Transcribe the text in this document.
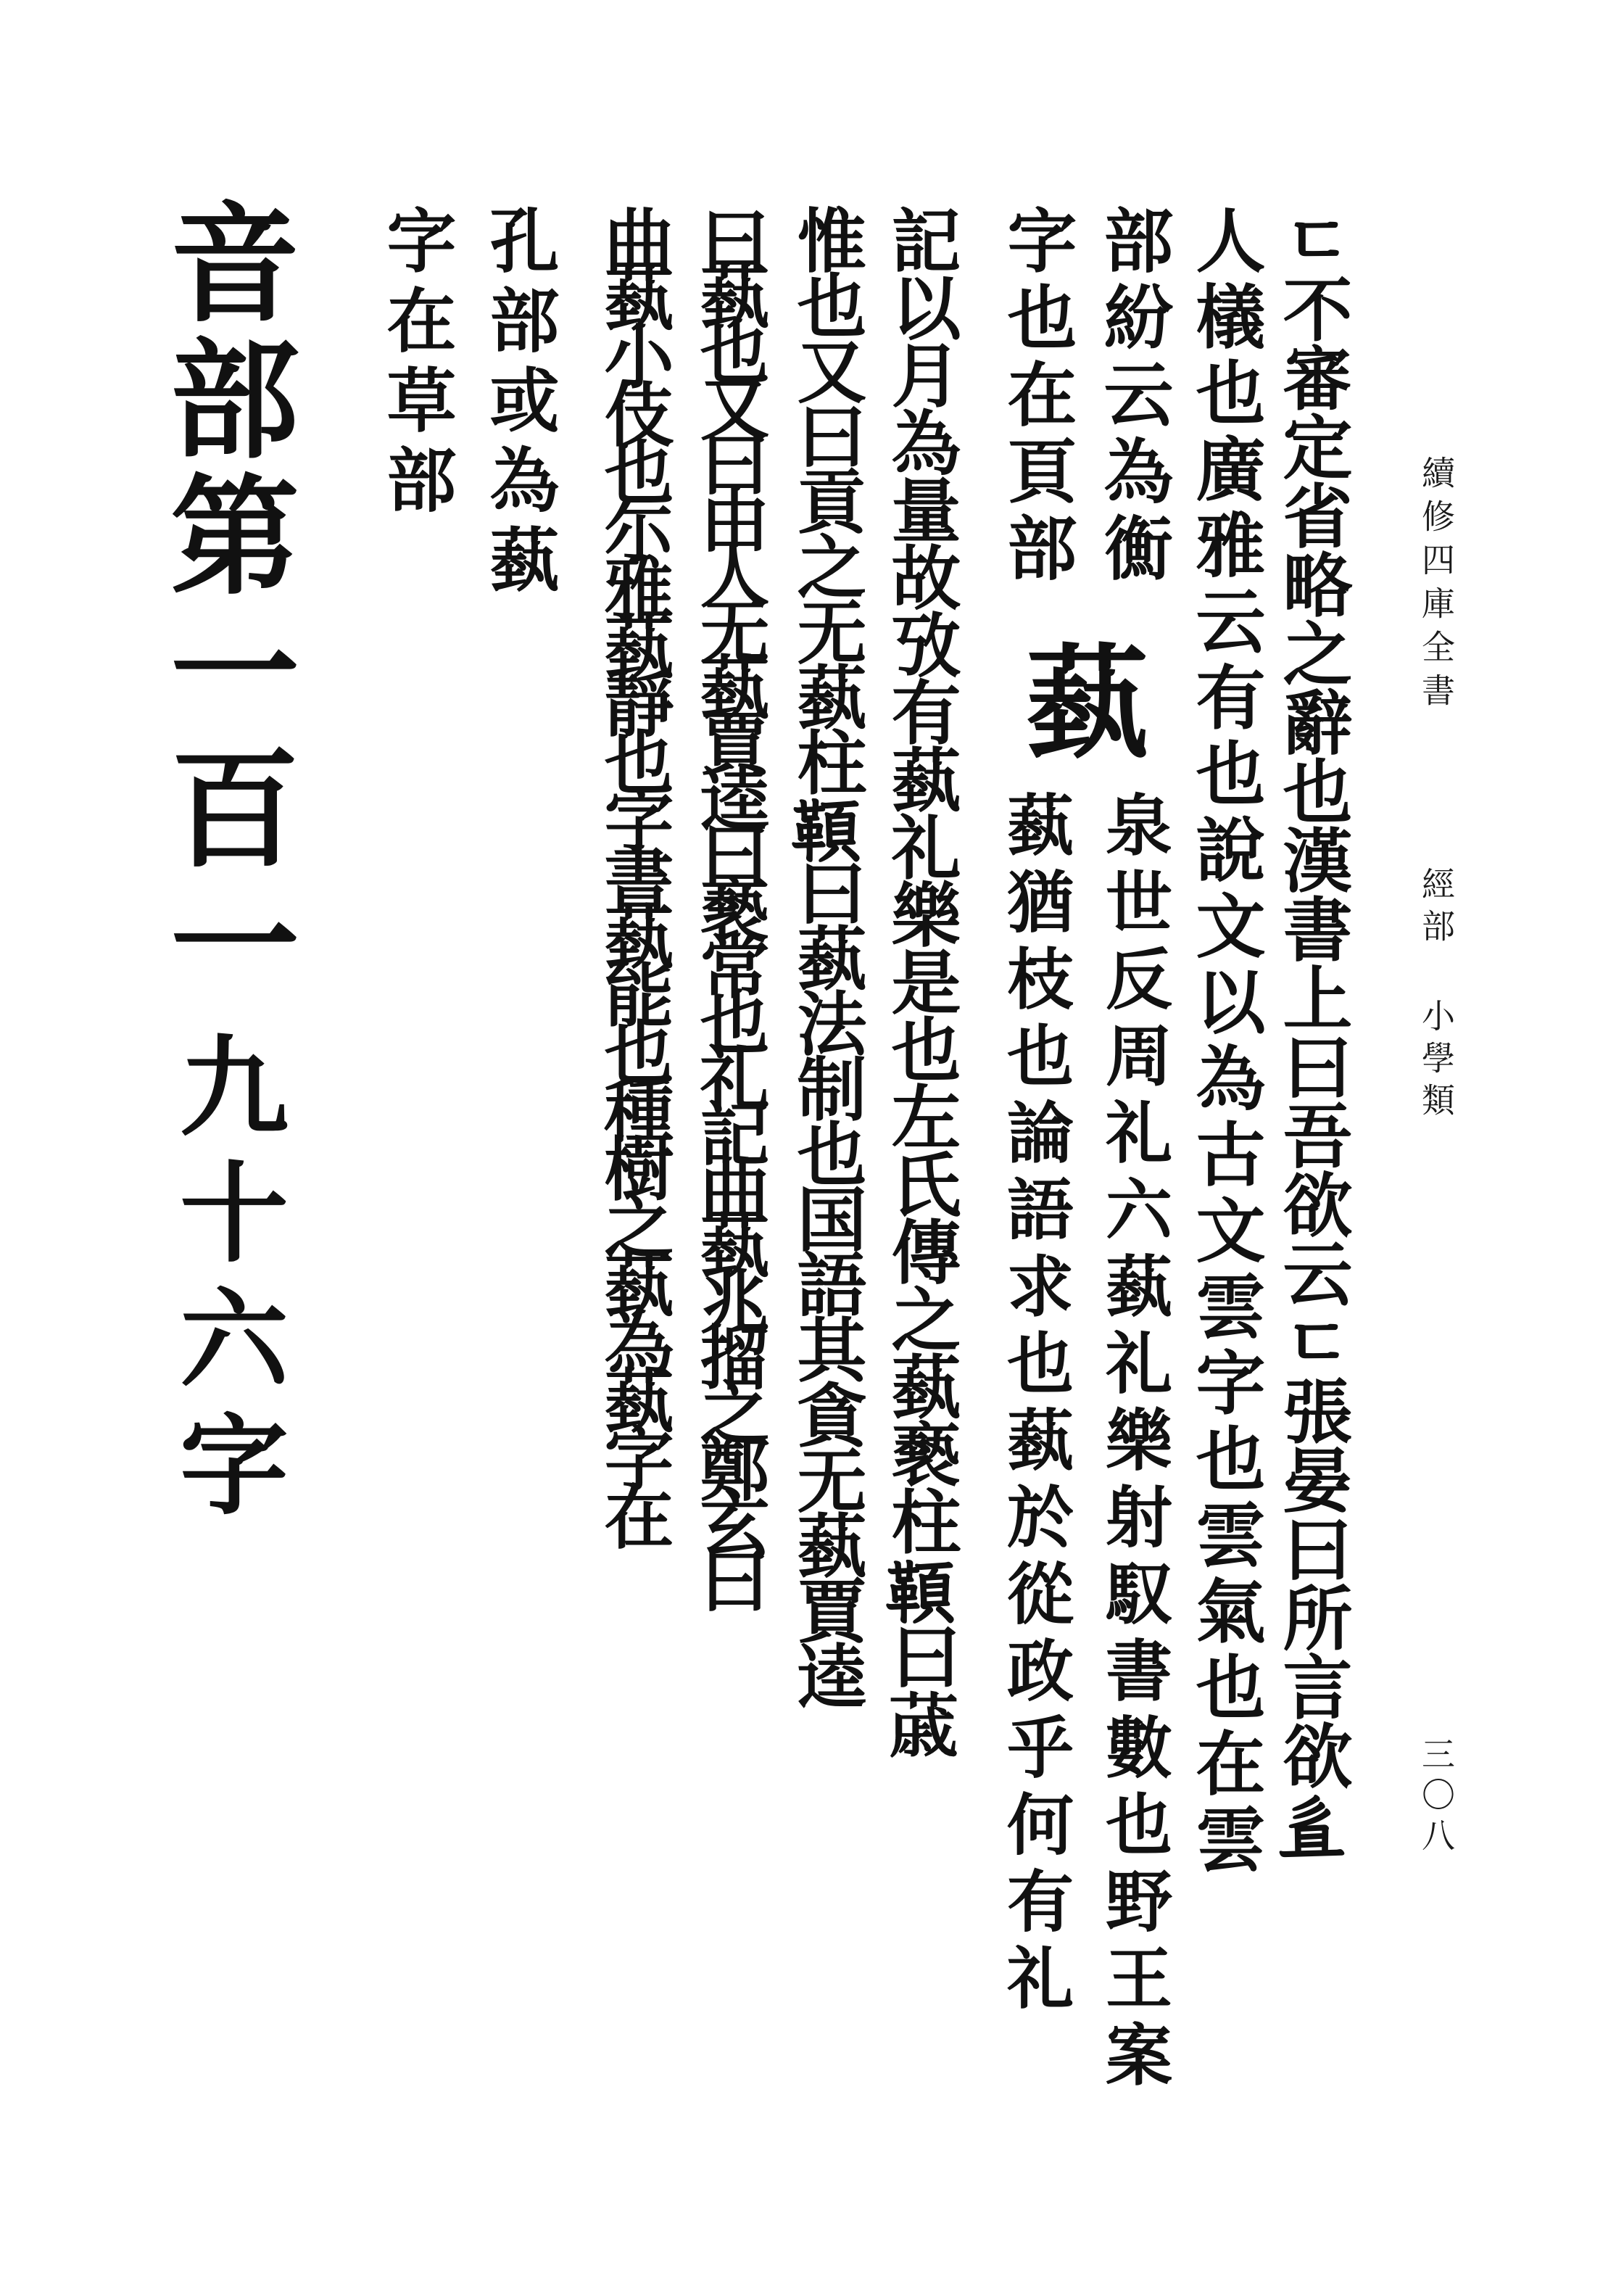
續修四庫全書
經部 小學類
三〇八
ㄷ不審定省略之辭也漢書上曰吾欲云ㄷ張晏曰所言欲𢒉
人檥也廣雅云有也說文以為古文雲字也雲氣也在雲
部紛云為𢖍
字也在頁部
蓺
泉世反周礼六蓺礼樂射馭書數也野王案
蓺猶枝也論語求也蓺於從政乎何有礼
記以月為量故攷有蓺礼樂是也左氏傳之蓺褻柱𩔈曰𦸗
惟也又曰貢之无蓺柱𩔈曰蓺法制也国語其貪无蓺賈逵
曰蓺也又曰由人无蓺賈逵曰褻常也礼記曲蓺兆㨨之鄭玄曰
曲蓺小伎也尓雅蓺靜也字書蓺能也種樹之蓺為蓺字在
孔部或為蓺
字在草部
音部第一百一
九十六字
